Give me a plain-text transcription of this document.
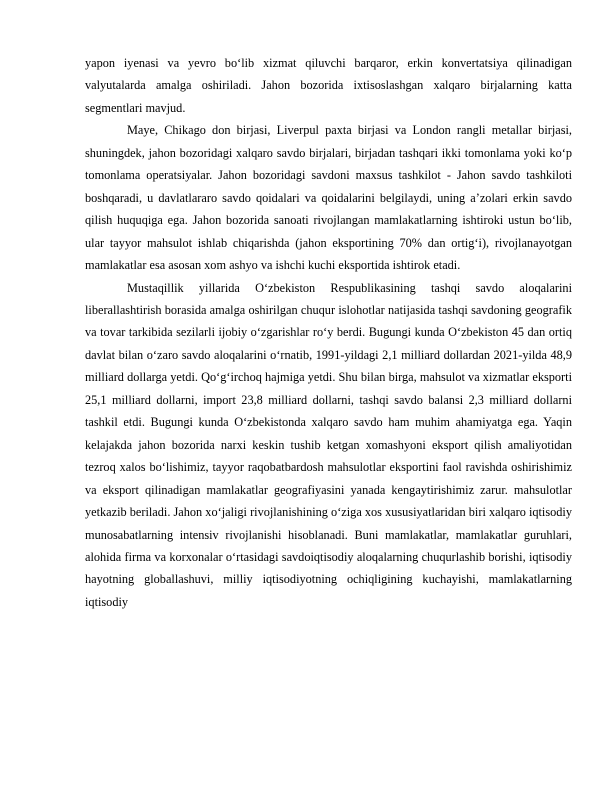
yapon iyenasi va yevro bo‘lib xizmat qiluvchi barqaror, erkin konvertatsiya qilinadigan valyutalarda amalga oshiriladi. Jahon bozorida ixtisoslashgan xalqaro birjalarning katta segmentlari mavjud.

Maye, Chikago don birjasi, Liverpul paxta birjasi va London rangli metallar birjasi, shuningdek, jahon bozoridagi xalqaro savdo birjalari, birjadan tashqari ikki tomonlama yoki ko‘p tomonlama operatsiyalar. Jahon bozoridagi savdoni maxsus tashkilot - Jahon savdo tashkiloti boshqaradi, u davlatlararo savdo qoidalari va qoidalarini belgilaydi, uning a’zolari erkin savdo qilish huquqiga ega. Jahon bozorida sanoati rivojlangan mamlakatlarning ishtiroki ustun bo‘lib, ular tayyor mahsulot ishlab chiqarishda (jahon eksportining 70% dan ortig‘i), rivojlanayotgan mamlakatlar esa asosan xom ashyo va ishchi kuchi eksportida ishtirok etadi.

Mustaqillik yillarida O‘zbekiston Respublikasining tashqi savdo aloqalarini liberallashtirish borasida amalga oshirilgan chuqur islohotlar natijasida tashqi savdoning geografik va tovar tarkibida sezilarli ijobiy o‘zgarishlar ro‘y berdi. Bugungi kunda O‘zbekiston 45 dan ortiq davlat bilan o‘zaro savdo aloqalarini o‘rnatib, 1991-yildagi 2,1 milliard dollardan 2021-yilda 48,9 milliard dollarga yetdi. Qo‘g‘irchoq hajmiga yetdi. Shu bilan birga, mahsulot va xizmatlar eksporti 25,1 milliard dollarni, import 23,8 milliard dollarni, tashqi savdo balansi 2,3 milliard dollarni tashkil etdi. Bugungi kunda O‘zbekistonda xalqaro savdo ham muhim ahamiyatga ega. Yaqin kelajakda jahon bozorida narxi keskin tushib ketgan xomashyoni eksport qilish amaliyotidan tezroq xalos bo‘lishimiz, tayyor raqobatbardosh mahsulotlar eksportini faol ravishda oshirishimiz va eksport qilinadigan mamlakatlar geografiyasini yanada kengaytirishimiz zarur. mahsulotlar yetkazib beriladi. Jahon xo‘jaligi rivojlanishining o‘ziga xos xususiyatlaridan biri xalqaro iqtisodiy munosabatlarning intensiv rivojlanishi hisoblanadi. Buni mamlakatlar, mamlakatlar guruhlari, alohida firma va korxonalar o‘rtasidagi savdoiqtisodiy aloqalarning chuqurlashib borishi, iqtisodiy hayotning globallashuvi, milliy iqtisodiyotning ochiqligining kuchayishi, mamlakatlarning iqtisodiy
